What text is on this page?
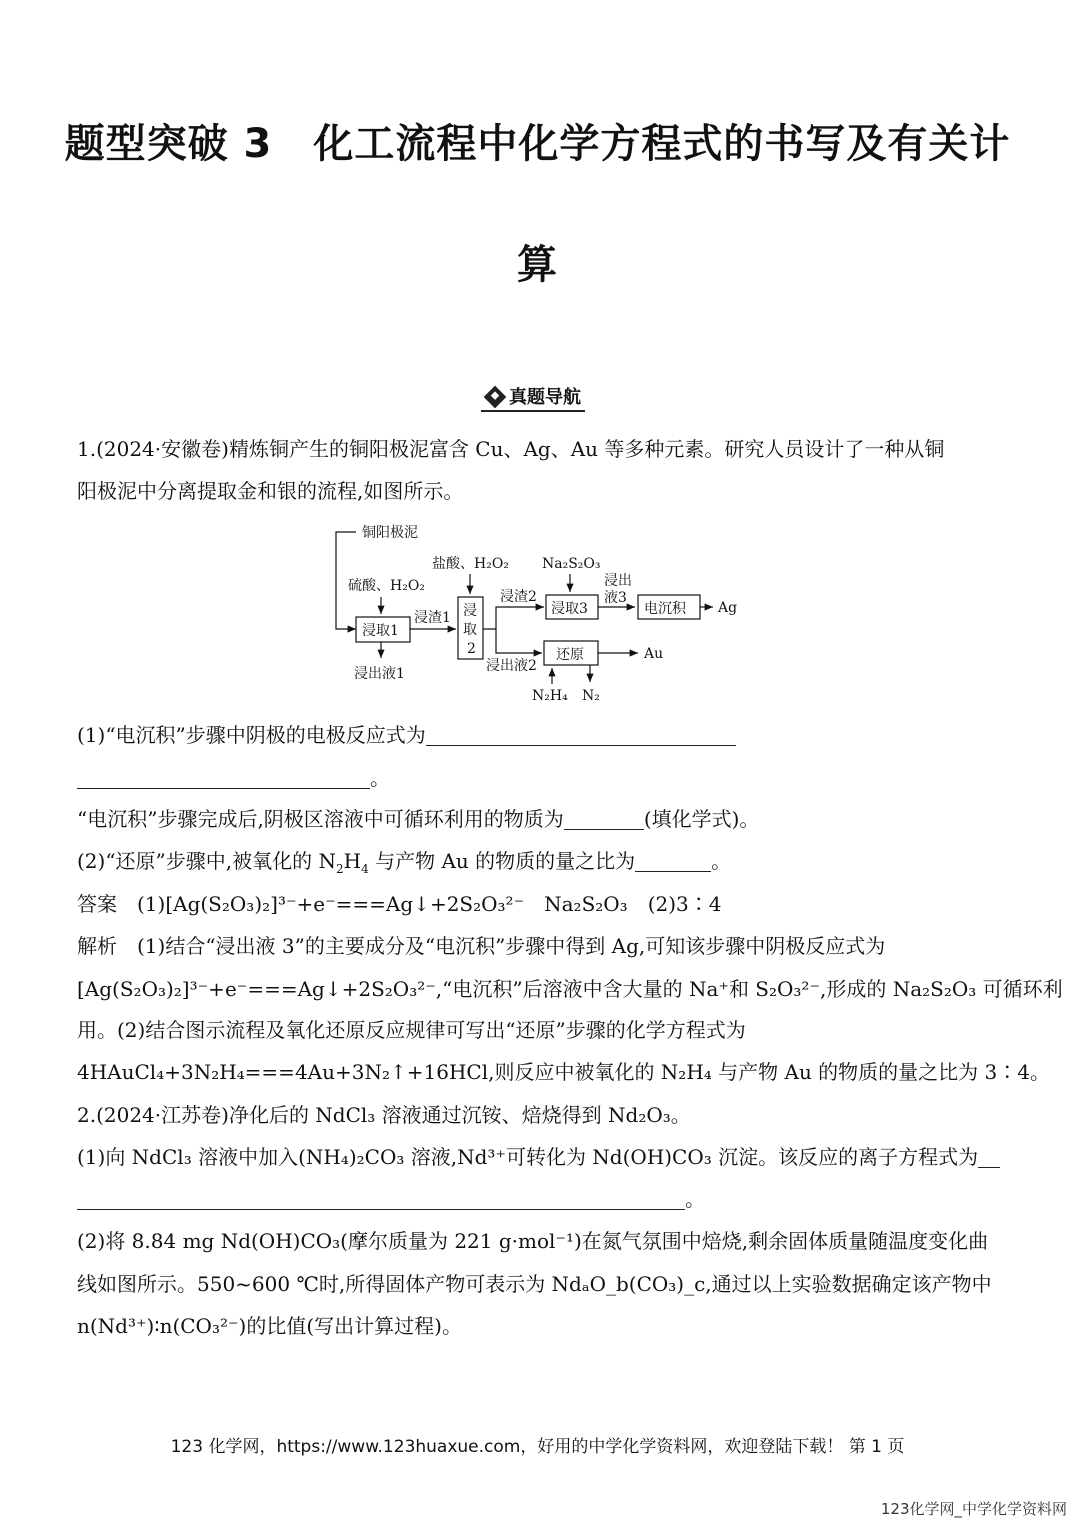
题型突破 3　化工流程中化学方程式的书写及有关计
算
真题导航
1.(2024·安徽卷)精炼铜产生的铜阳极泥富含 Cu、Ag、Au 等多种元素。研究人员设计了一种从铜
阳极泥中分离提取金和银的流程,如图所示。
铜阳极泥
硫酸、H₂O₂
浸取1
浸出液1
浸渣1
盐酸、H₂O₂
浸
取
2
浸渣2
浸出液2
Na₂S₂O₃
浸取3
浸出
液3
电沉积 Ag
还原	Au
N₂H₄ N₂
(1)“电沉积”步骤中阴极的电极反应式为
。
“电沉积”步骤完成后,阴极区溶液中可循环利用的物质为	(填化学式)。
(2)“还原”步骤中,被氧化的 $N_2H_4$ 与产物 Au 的物质的量之比为	。
答案　 (1)[Ag(S₂O₃)₂]³⁻+e⁻===Ag↓+2S₂O₃²⁻　Na₂S₂O₃　(2)3∶4
解析　 (1)结合“浸出液 3”的主要成分及“电沉积”步骤中得到 Ag,可知该步骤中阴极反应式为
[Ag(S₂O₃)₂]³⁻+e⁻===Ag↓+2S₂O₃²⁻,“电沉积”后溶液中含大量的 Na⁺和 S₂O₃²⁻,形成的 Na₂S₂O₃ 可循环利
用。(2)结合图示流程及氧化还原反应规律可写出“还原”步骤的化学方程式为
4HAuCl₄+3N₂H₄===4Au+3N₂↑+16HCl,则反应中被氧化的 N₂H₄ 与产物 Au 的物质的量之比为 3∶4。
2.(2024·江苏卷)净化后的 NdCl₃ 溶液通过沉铵、焙烧得到 Nd₂O₃。
(1)向 NdCl₃ 溶液中加入(NH₄)₂CO₃ 溶液,Nd³⁺可转化为 Nd(OH)CO₃ 沉淀。该反应的离子方程式为
。
(2)将 8.84 mg Nd(OH)CO₃(摩尔质量为 221 g·mol⁻¹)在氮气氛围中焙烧,剩余固体质量随温度变化曲
线如图所示。550~600 ℃时,所得固体产物可表示为 NdₐO_b(CO₃)_c,通过以上实验数据确定该产物中
n(Nd³⁺)∶n(CO₃²⁻)的比值(写出计算过程)。
123 化学网，https://www.123huaxue.com，好用的中学化学资料网，欢迎登陆下载！ 第 1 页
123化学网_中学化学资料网
